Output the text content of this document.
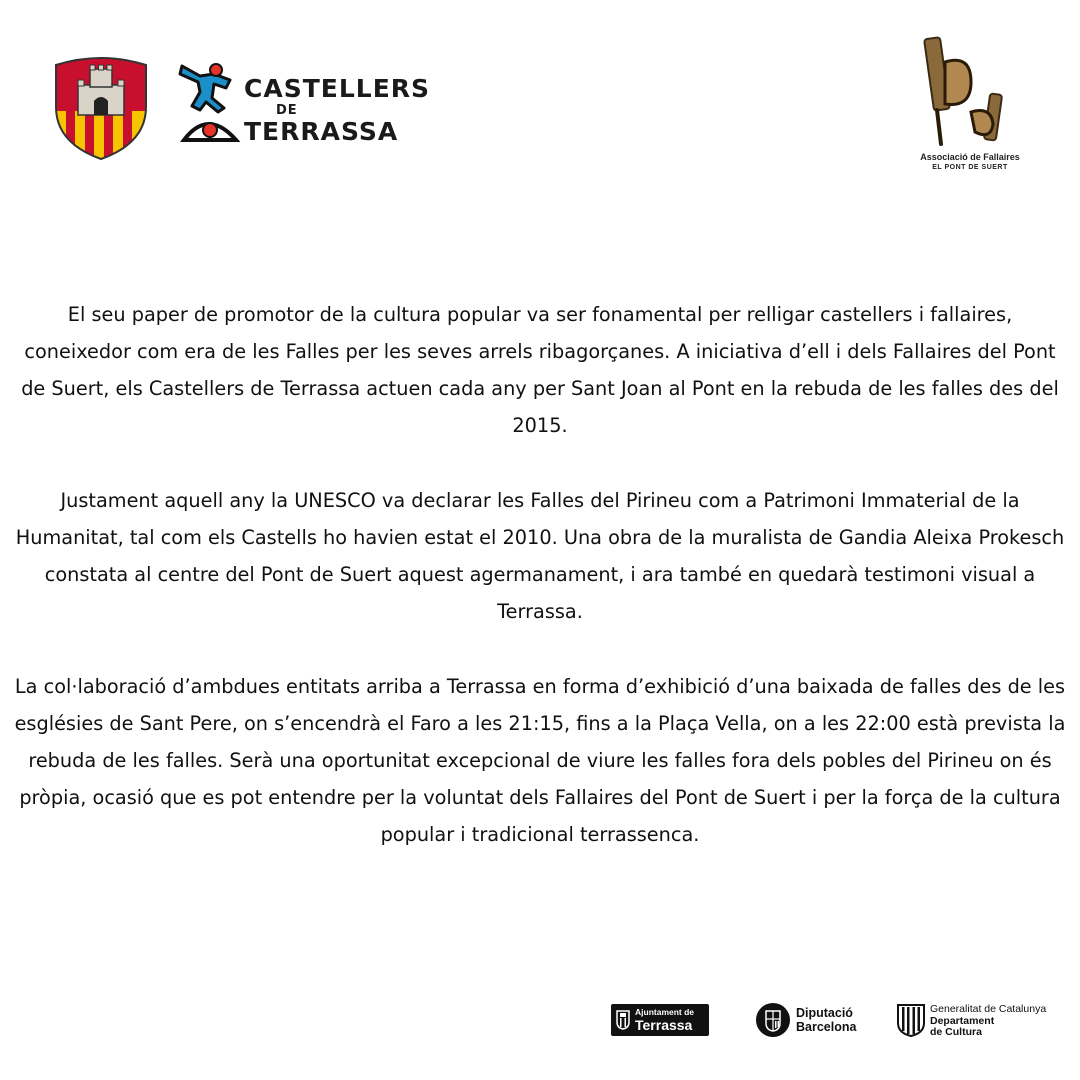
CASTELLERS
DE
TERRASSA
Associació de Fallaires
EL PONT DE SUERT

El seu paper de promotor de la cultura popular va ser fonamental per relligar castellers i fallaires, coneixedor com era de les Falles per les seves arrels ribagorçanes. A iniciativa d’ell i dels Fallaires del Pont de Suert, els Castellers de Terrassa actuen cada any per Sant Joan al Pont en la rebuda de les falles des del 2015.

Justament aquell any la UNESCO va declarar les Falles del Pirineu com a Patrimoni Immaterial de la Humanitat, tal com els Castells ho havien estat el 2010. Una obra de la muralista de Gandia Aleixa Prokesch constata al centre del Pont de Suert aquest agermanament, i ara també en quedarà testimoni visual a Terrassa.

La col·laboració d’ambdues entitats arriba a Terrassa en forma d’exhibició d’una baixada de falles des de les esglésies de Sant Pere, on s’encendrà el Faro a les 21:15, fins a la Plaça Vella, on a les 22:00 està prevista la rebuda de les falles. Serà una oportunitat excepcional de viure les falles fora dels pobles del Pirineu on és pròpia, ocasió que es pot entendre per la voluntat dels Fallaires del Pont de Suert i per la força de la cultura popular i tradicional terrassenca.

Ajuntament de
Terrassa
Diputació
Barcelona
Generalitat de Catalunya
Departament
de Cultura
